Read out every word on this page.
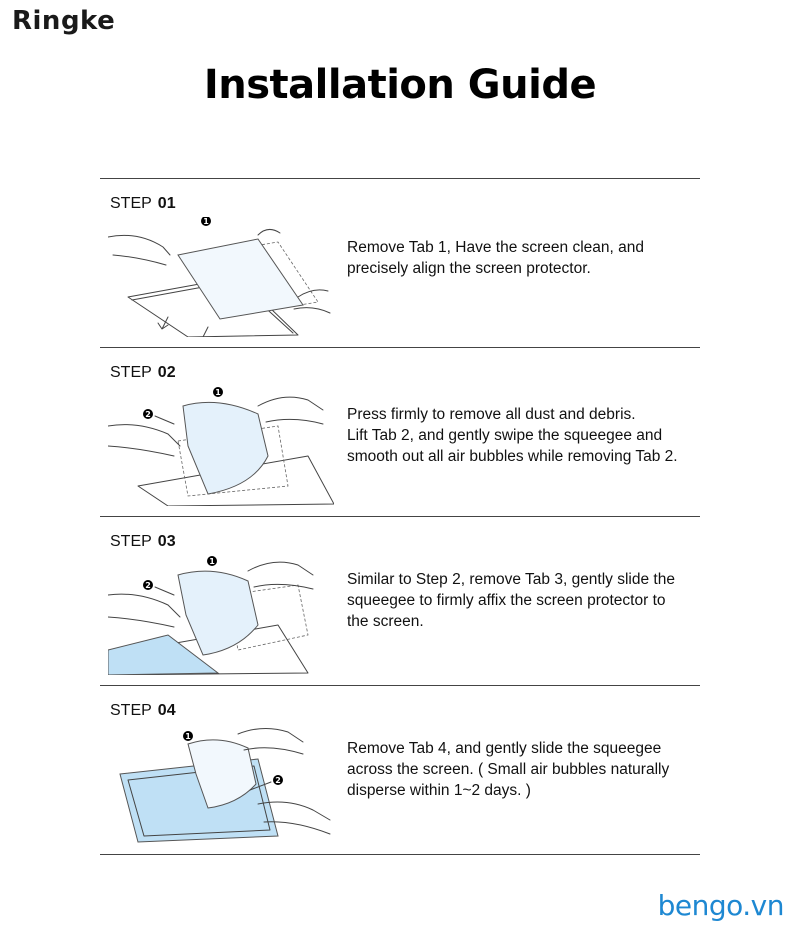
Ringke
Installation Guide
STEP 01
1
Remove Tab 1, Have the screen clean, and
precisely align the screen protector.
STEP 02
1
2	Press firmly to remove all dust and debris.
Lift Tab 2, and gently swipe the squeegee and
smooth out all air bubbles while removing Tab 2.
STEP 03
1
2	Similar to Step 2, remove Tab 3, gently slide the
squeegee to firmly affix the screen protector to
the screen.
STEP 04
1
2
Remove Tab 4, and gently slide the squeegee
across the screen. ( Small air bubbles naturally
disperse within 1~2 days. )
bengo.vn
